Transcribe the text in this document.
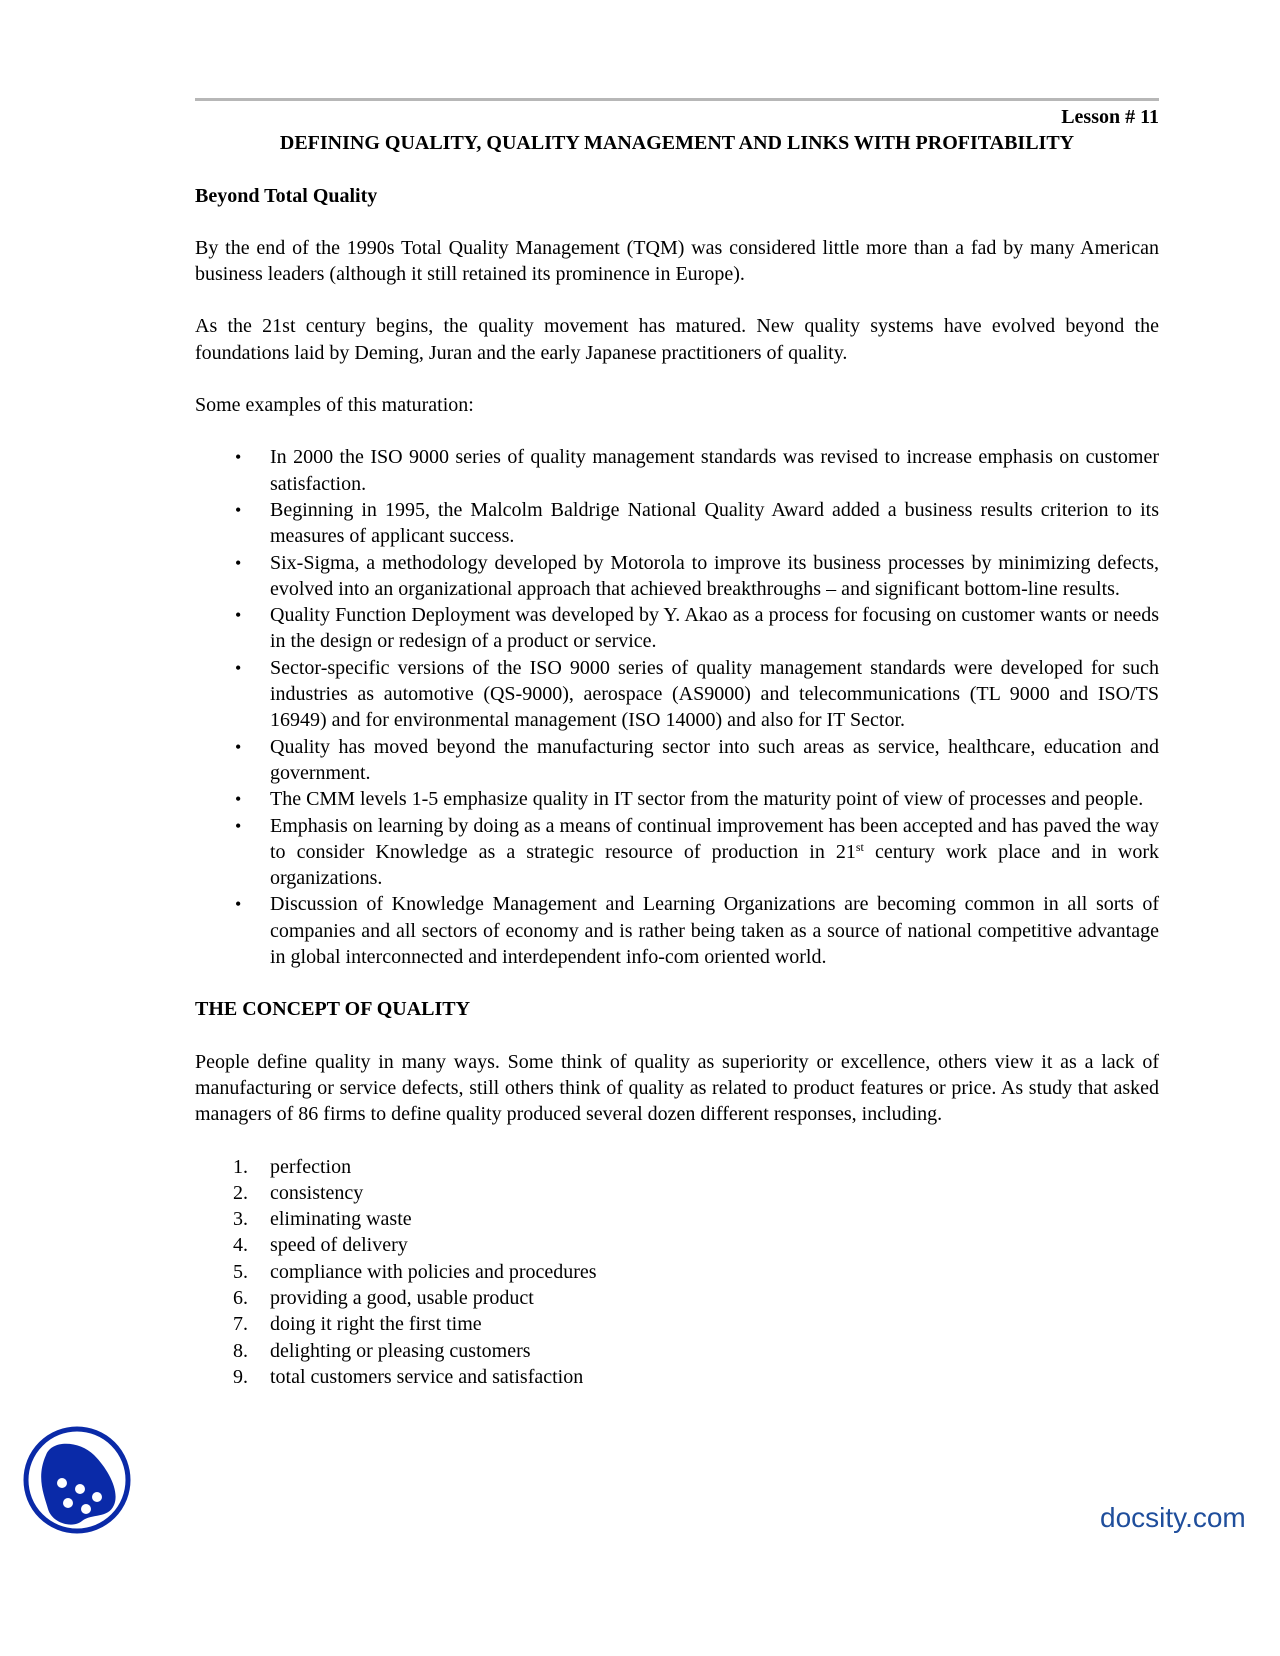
Lesson # 11
DEFINING QUALITY, QUALITY MANAGEMENT AND LINKS WITH PROFITABILITY
Beyond Total Quality

By the end of the 1990s Total Quality Management (TQM) was considered little more than a fad by many American business leaders (although it still retained its prominence in Europe).

As the 21st century begins, the quality movement has matured. New quality systems have evolved beyond the foundations laid by Deming, Juran and the early Japanese practitioners of quality.

Some examples of this maturation:

• In 2000 the ISO 9000 series of quality management standards was revised to increase emphasis on customer satisfaction.
• Beginning in 1995, the Malcolm Baldrige National Quality Award added a business results criterion to its measures of applicant success.
• Six-Sigma, a methodology developed by Motorola to improve its business processes by minimizing defects, evolved into an organizational approach that achieved breakthroughs – and significant bottom-line results.
• Quality Function Deployment was developed by Y. Akao as a process for focusing on customer wants or needs in the design or redesign of a product or service.
• Sector-specific versions of the ISO 9000 series of quality management standards were developed for such industries as automotive (QS-9000), aerospace (AS9000) and telecommunications (TL 9000 and ISO/TS 16949) and for environmental management (ISO 14000) and also for IT Sector.
• Quality has moved beyond the manufacturing sector into such areas as service, healthcare, education and government.
• The CMM levels 1-5 emphasize quality in IT sector from the maturity point of view of processes and people.
• Emphasis on learning by doing as a means of continual improvement has been accepted and has paved the way to consider Knowledge as a strategic resource of production in 21st century work place and in work organizations.
• Discussion of Knowledge Management and Learning Organizations are becoming common in all sorts of companies and all sectors of economy and is rather being taken as a source of national competitive advantage in global interconnected and interdependent info-com oriented world.
THE CONCEPT OF QUALITY

People define quality in many ways. Some think of quality as superiority or excellence, others view it as a lack of manufacturing or service defects, still others think of quality as related to product features or price. As study that asked managers of 86 firms to define quality produced several dozen different responses, including.

1. perfection
2. consistency
3. eliminating waste
4. speed of delivery
5. compliance with policies and procedures
6. providing a good, usable product
7. doing it right the first time
8. delighting or pleasing customers
9. total customers service and satisfaction
docsity.com
